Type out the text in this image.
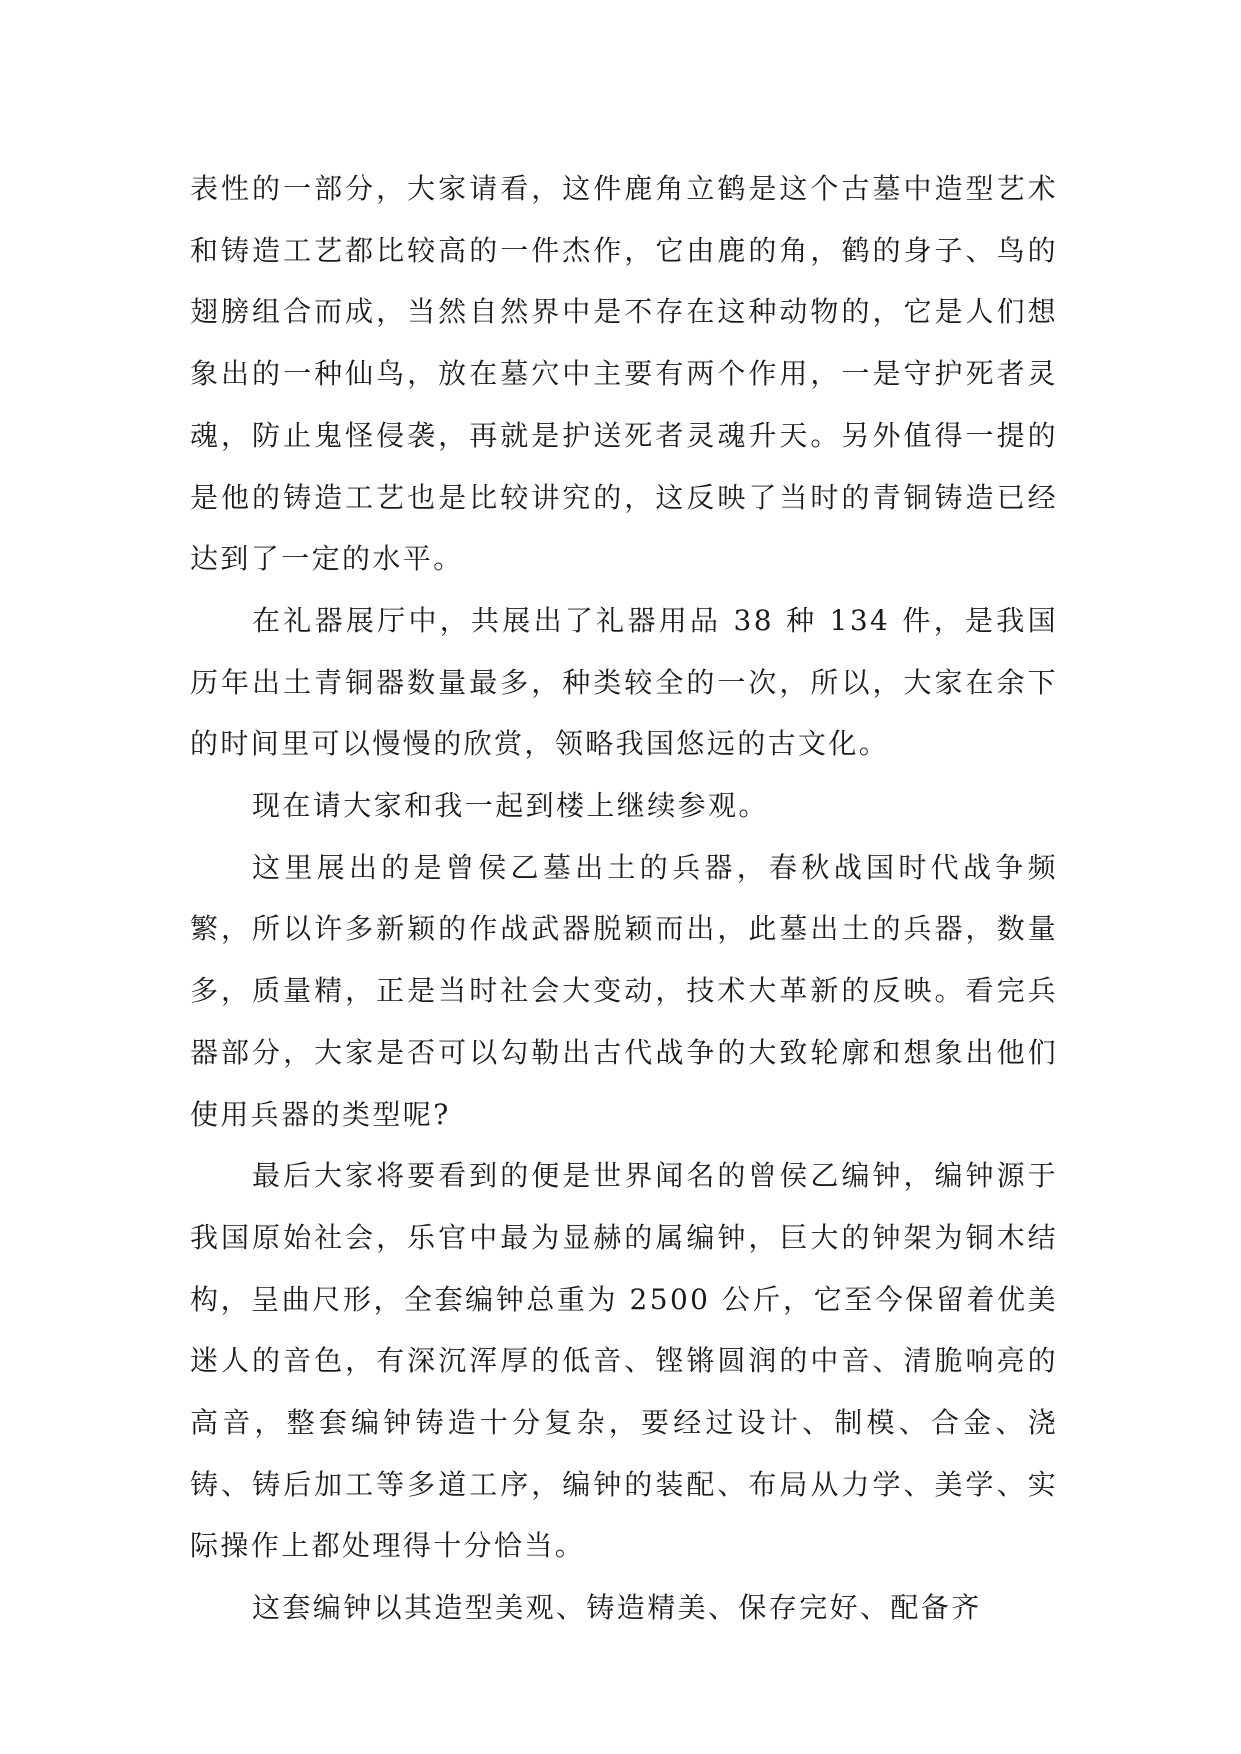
表性的一部分，大家请看，这件鹿角立鹤是这个古墓中造型艺术和铸造工艺都比较高的一件杰作，它由鹿的角，鹤的身子、鸟的翅膀组合而成，当然自然界中是不存在这种动物的，它是人们想象出的一种仙鸟，放在墓穴中主要有两个作用，一是守护死者灵魂，防止鬼怪侵袭，再就是护送死者灵魂升天。另外值得一提的是他的铸造工艺也是比较讲究的，这反映了当时的青铜铸造已经达到了一定的水平。

在礼器展厅中，共展出了礼器用品 38 种 134 件，是我国历年出土青铜器数量最多，种类较全的一次，所以，大家在余下的时间里可以慢慢的欣赏，领略我国悠远的古文化。

现在请大家和我一起到楼上继续参观。

这里展出的是曾侯乙墓出土的兵器，春秋战国时代战争频繁，所以许多新颖的作战武器脱颖而出，此墓出土的兵器，数量多，质量精，正是当时社会大变动，技术大革新的反映。看完兵器部分，大家是否可以勾勒出古代战争的大致轮廓和想象出他们使用兵器的类型呢?

最后大家将要看到的便是世界闻名的曾侯乙编钟，编钟源于我国原始社会，乐官中最为显赫的属编钟，巨大的钟架为铜木结构，呈曲尺形，全套编钟总重为 2500 公斤，它至今保留着优美迷人的音色，有深沉浑厚的低音、铿锵圆润的中音、清脆响亮的高音，整套编钟铸造十分复杂，要经过设计、制模、合金、浇铸、铸后加工等多道工序，编钟的装配、布局从力学、美学、实际操作上都处理得十分恰当。

这套编钟以其造型美观、铸造精美、保存完好、配备齐
